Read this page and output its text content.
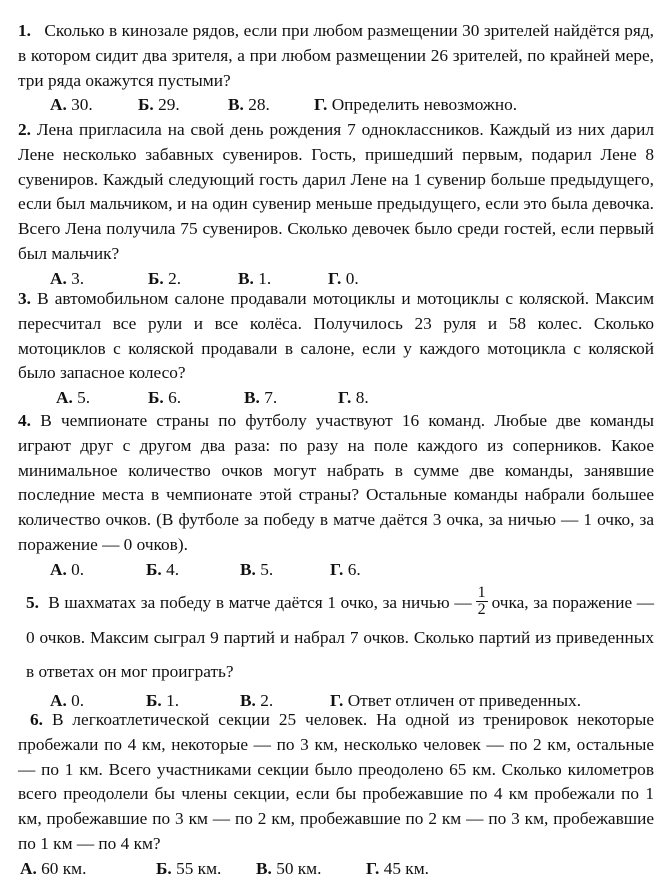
1. Сколько в кинозале рядов, если при любом размещении 30 зрителей найдётся ряд, в котором сидит два зрителя, а при любом размещении 26 зрителей, по крайней мере, три ряда окажутся пустыми?

А. 30.	Б. 29.	В. 28.	Г. Определить невозможно.

2. Лена пригласила на свой день рождения 7 одноклассников. Каждый из них дарил Лене несколько забавных сувениров. Гость, пришедший первым, подарил Лене 8 сувениров. Каждый следующий гость дарил Лене на 1 сувенир больше предыдущего, если был мальчиком, и на один сувенир меньше предыдущего, если это была девочка. Всего Лена получила 75 сувениров. Сколько девочек было среди гостей, если первый был мальчик?

А. 3.	Б. 2.	В. 1.	Г. 0.

3. В автомобильном салоне продавали мотоциклы и мотоциклы с коляской. Максим пересчитал все рули и все колёса. Получилось 23 руля и 58 колес. Сколько мотоциклов с коляской продавали в салоне, если у каждого мотоцикла с коляской было запасное колесо?

А. 5.	Б. 6.	В. 7.	Г. 8.

4. В чемпионате страны по футболу участвуют 16 команд. Любые две команды играют друг с другом два раза: по разу на поле каждого из соперников. Какое минимальное количество очков могут набрать в сумме две команды, занявшие последние места в чемпионате этой страны? Остальные команды набрали большее количество очков. (В футболе за победу в матче даётся 3 очка, за ничью — 1 очко, за поражение — 0 очков).

А. 0.	Б. 4.	В. 5.	Г. 6.

5. В шахматах за победу в матче даётся 1 очко, за ничью — $\frac{1}{2}$ очка, за поражение — 0 очков. Максим сыграл 9 партий и набрал 7 очков. Сколько партий из приведенных в ответах он мог проиграть?

А. 0.	Б. 1.	В. 2.	Г. Ответ отличен от приведенных.

6. В легкоатлетической секции 25 человек. На одной из тренировок некоторые пробежали по 4 км, некоторые — по 3 км, несколько человек — по 2 км, остальные — по 1 км. Всего участниками секции было преодолено 65 км. Сколько километров всего преодолели бы члены секции, если бы пробежавшие по 4 км пробежали по 1 км, пробежавшие по 3 км — по 2 км, пробежавшие по 2 км — по 3 км, пробежавшие по 1 км — по 4 км?

А. 60 км.	Б. 55 км.	В. 50 км.	Г. 45 км.
